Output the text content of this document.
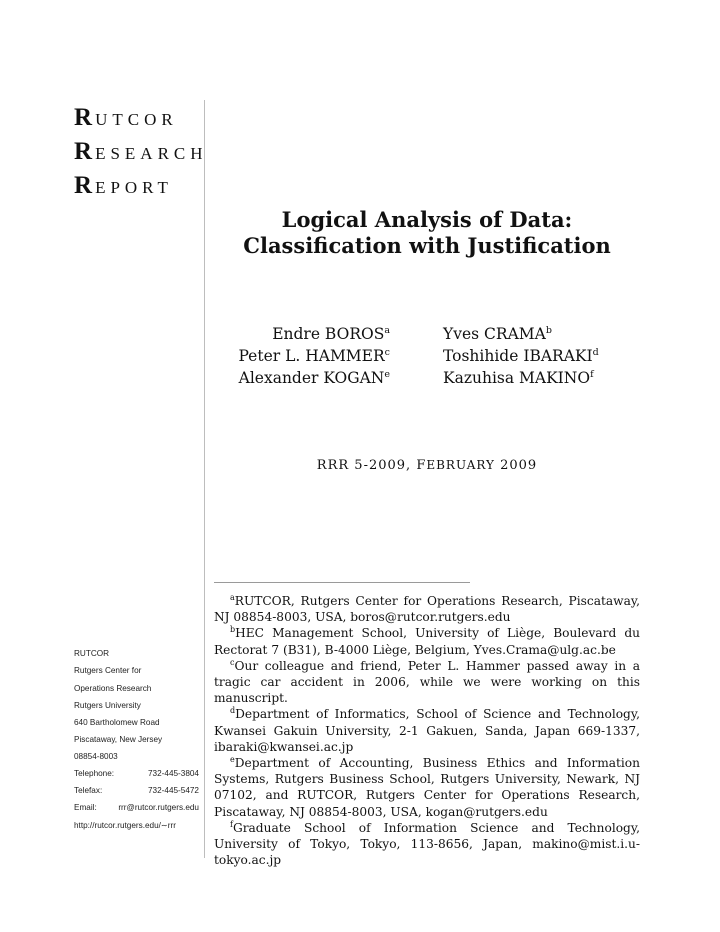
RUTCOR
RESEARCH
REPORT
Logical Analysis of Data:
Classification with Justification
Endre BOROS$^a$	Yves CRAMA$^b$
Peter L. HAMMER$^c$	Toshihide IBARAKI$^d$
Alexander KOGAN$^e$	Kazuhisa MAKINO$^f$
RRR 5-2009, FEBRUARY 2009

$^a$RUTCOR, Rutgers Center for Operations Research, Piscataway, NJ 08854-8003, USA, boros@rutcor.rutgers.edu

$^b$HEC Management School, University of Liège, Boulevard du Rectorat 7 (B31), B-4000 Liège, Belgium, Yves.Crama@ulg.ac.be

$^c$Our colleague and friend, Peter L. Hammer passed away in a tragic car accident in 2006, while we were working on this manuscript.

$^d$Department of Informatics, School of Science and Technology, Kwansei Gakuin University, 2-1 Gakuen, Sanda, Japan 669-1337, ibaraki@kwansei.ac.jp

$^e$Department of Accounting, Business Ethics and Information Systems, Rutgers Business School, Rutgers University, Newark, NJ 07102, and RUTCOR, Rutgers Center for Operations Research, Piscataway, NJ 08854-8003, USA, kogan@rutgers.edu

$^f$Graduate School of Information Science and Technology, University of Tokyo, Tokyo, 113-8656, Japan, makino@mist.i.u-tokyo.ac.jp

RUTCOR
Rutgers Center for
Operations Research
Rutgers University
640 Bartholomew Road
Piscataway, New Jersey
08854-8003
Telephone:	732-445-3804
Telefax:	732-445-5472
Email:	rrr@rutcor.rutgers.edu
http://rutcor.rutgers.edu/∼rrr
